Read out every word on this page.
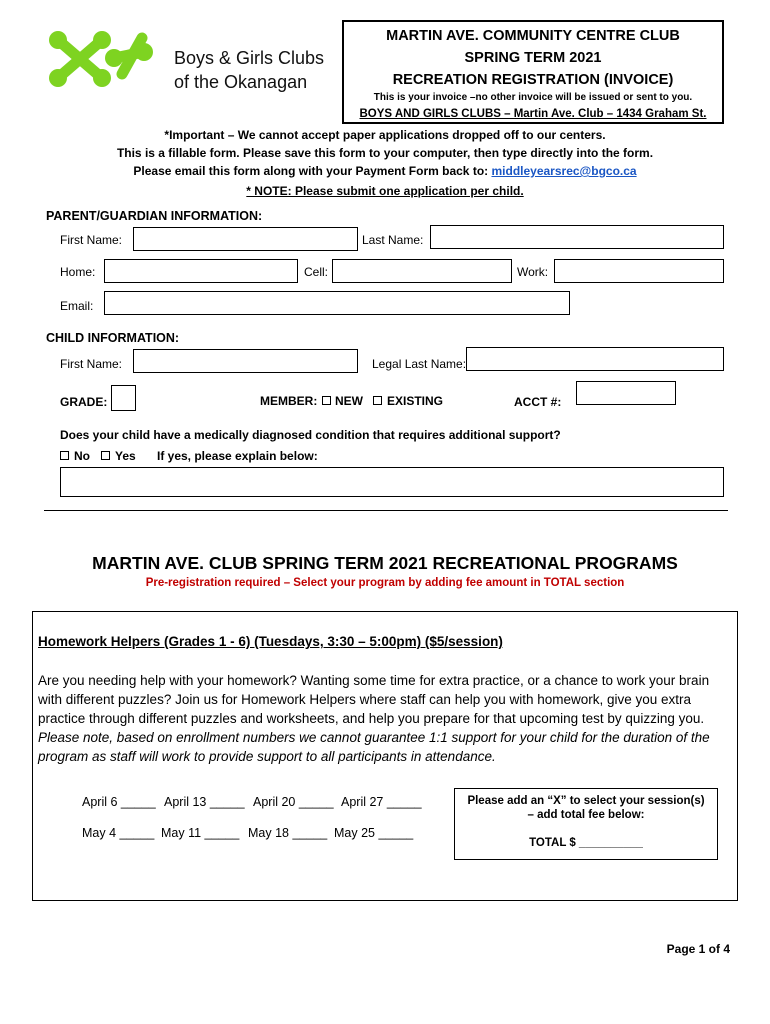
Boys & Girls Clubs
of the Okanagan
MARTIN AVE. COMMUNITY CENTRE CLUB
SPRING TERM 2021
RECREATION REGISTRATION (INVOICE)
This is your invoice –no other invoice will be issued or sent to you.
BOYS AND GIRLS CLUBS – Martin Ave. Club – 1434 Graham St.
*Important – We cannot accept paper applications dropped off to our centers.
This is a fillable form. Please save this form to your computer, then type directly into the form.
Please email this form along with your Payment Form back to: middleyearsrec@bgco.ca
* NOTE: Please submit one application per child.
PARENT/GUARDIAN INFORMATION:
First Name:	Last Name:
Home:	Cell:	Work:
Email:
CHILD INFORMATION:
First Name:	Legal Last Name:
GRADE:	MEMBER: NEW EXISTING	ACCT #:
Does your child have a medically diagnosed condition that requires additional support?
No Yes If yes, please explain below:
MARTIN AVE. CLUB SPRING TERM 2021 RECREATIONAL PROGRAMS
Pre-registration required – Select your program by adding fee amount in TOTAL section
Homework Helpers (Grades 1 - 6) (Tuesdays, 3:30 – 5:00pm) ($5/session)
Are you needing help with your homework? Wanting some time for extra practice, or a chance to work your brain with different puzzles? Join us for Homework Helpers where staff can help you with homework, give you extra practice through different puzzles and worksheets, and help you prepare for that upcoming test by quizzing you. Please note, based on enrollment numbers we cannot guarantee 1:1 support for your child for the duration of the program as staff will work to provide support to all participants in attendance.
April 6 _____ April 13 _____ April 20 _____ April 27 _____
May 4 _____ May 11 _____ May 18 _____ May 25 _____
Please add an “X” to select your session(s)
– add total fee below:
TOTAL $ __________
Page 1 of 4
